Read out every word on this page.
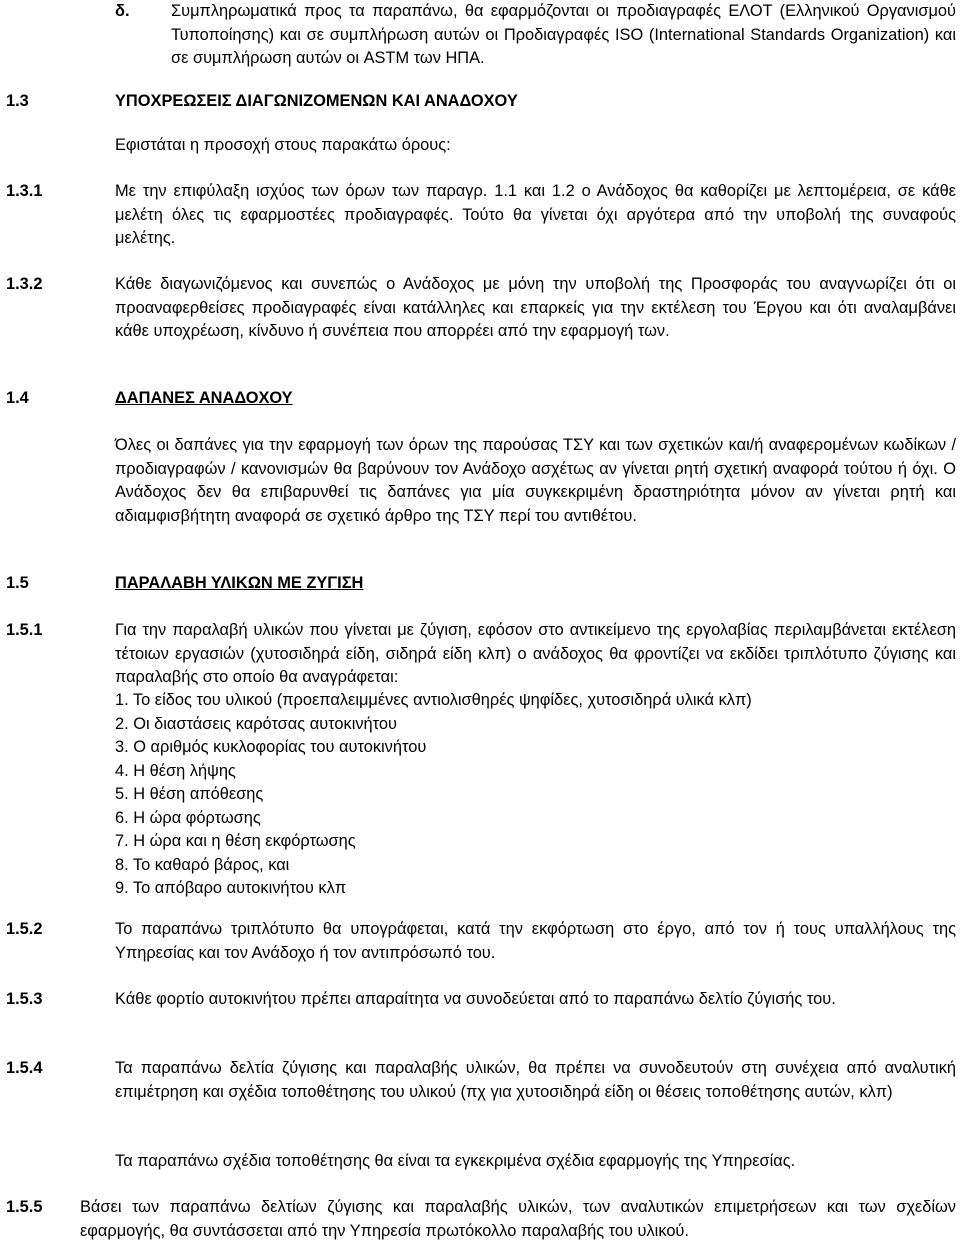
δ.	Συμπληρωματικά προς τα παραπάνω, θα εφαρμόζονται οι προδιαγραφές ΕΛΟΤ (Ελληνικού Οργανισμού Τυποποίησης) και σε συμπλήρωση αυτών οι Προδιαγραφές ISO (International Standards Organization) και σε συμπλήρωση αυτών οι ASTM των ΗΠΑ.
1.3	ΥΠΟΧΡΕΩΣΕΙΣ ΔΙΑΓΩΝΙΖΟΜΕΝΩΝ ΚΑΙ ΑΝΑΔΟΧΟΥ
Εφιστάται η προσοχή στους παρακάτω όρους:
1.3.1	Με την επιφύλαξη ισχύος των όρων των παραγρ. 1.1 και 1.2 ο Ανάδοχος θα καθορίζει με λεπτομέρεια, σε κάθε μελέτη όλες τις εφαρμοστέες προδιαγραφές. Τούτο θα γίνεται όχι αργότερα από την υποβολή της συναφούς μελέτης.
1.3.2	Κάθε διαγωνιζόμενος και συνεπώς ο Ανάδοχος με μόνη την υποβολή της Προσφοράς του αναγνωρίζει ότι οι προαναφερθείσες προδιαγραφές είναι κατάλληλες και επαρκείς για την εκτέλεση του Έργου και ότι αναλαμβάνει κάθε υποχρέωση, κίνδυνο ή συνέπεια που απορρέει από την εφαρμογή των.
1.4	ΔΑΠΑΝΕΣ ΑΝΑΔΟΧΟΥ
Όλες οι δαπάνες για την εφαρμογή των όρων της παρούσας ΤΣΥ και των σχετικών και/ή αναφερομένων κωδίκων / προδιαγραφών / κανονισμών θα βαρύνουν τον Ανάδοχο ασχέτως αν γίνεται ρητή σχετική αναφορά τούτου ή όχι. Ο Ανάδοχος δεν θα επιβαρυνθεί τις δαπάνες για μία συγκεκριμένη δραστηριότητα μόνον αν γίνεται ρητή και αδιαμφισβήτητη αναφορά σε σχετικό άρθρο της ΤΣΥ περί του αντιθέτου.
1.5	ΠΑΡΑΛΑΒΗ ΥΛΙΚΩΝ ΜΕ ΖΥΓΙΣΗ
1.5.1	Για την παραλαβή υλικών που γίνεται με ζύγιση, εφόσον στο αντικείμενο της εργολαβίας περιλαμβάνεται εκτέλεση τέτοιων εργασιών (χυτοσιδηρά είδη, σιδηρά είδη κλπ) ο ανάδοχος θα φροντίζει να εκδίδει τριπλότυπο ζύγισης και παραλαβής στο οποίο θα αναγράφεται:
1. Το είδος του υλικού (προεπαλειμμένες αντιολισθηρές ψηφίδες, χυτοσιδηρά υλικά κλπ)
2. Οι διαστάσεις καρότσας αυτοκινήτου
3. Ο αριθμός κυκλοφορίας του αυτοκινήτου
4. Η θέση λήψης
5. Η θέση απόθεσης
6. Η ώρα φόρτωσης
7. Η ώρα και η θέση εκφόρτωσης
8. Το καθαρό βάρος, και
9. Το απόβαρο αυτοκινήτου κλπ
1.5.2	Το παραπάνω τριπλότυπο θα υπογράφεται, κατά την εκφόρτωση στο έργο, από τον ή τους υπαλλήλους της Υπηρεσίας και τον Ανάδοχο ή τον αντιπρόσωπό του.
1.5.3	Κάθε φορτίο αυτοκινήτου πρέπει απαραίτητα να συνοδεύεται από το παραπάνω δελτίο ζύγισής του.
1.5.4	Τα παραπάνω δελτία ζύγισης και παραλαβής υλικών, θα πρέπει να συνοδευτούν στη συνέχεια από αναλυτική επιμέτρηση και σχέδια τοποθέτησης του υλικού (πχ για χυτοσιδηρά είδη οι θέσεις τοποθέτησης αυτών, κλπ)
Τα παραπάνω σχέδια τοποθέτησης θα είναι τα εγκεκριμένα σχέδια εφαρμογής της Υπηρεσίας.
1.5.5 Βάσει των παραπάνω δελτίων ζύγισης και παραλαβής υλικών, των αναλυτικών επιμετρήσεων και των σχεδίων εφαρμογής, θα συντάσσεται από την Υπηρεσία πρωτόκολλο παραλαβής του υλικού.
